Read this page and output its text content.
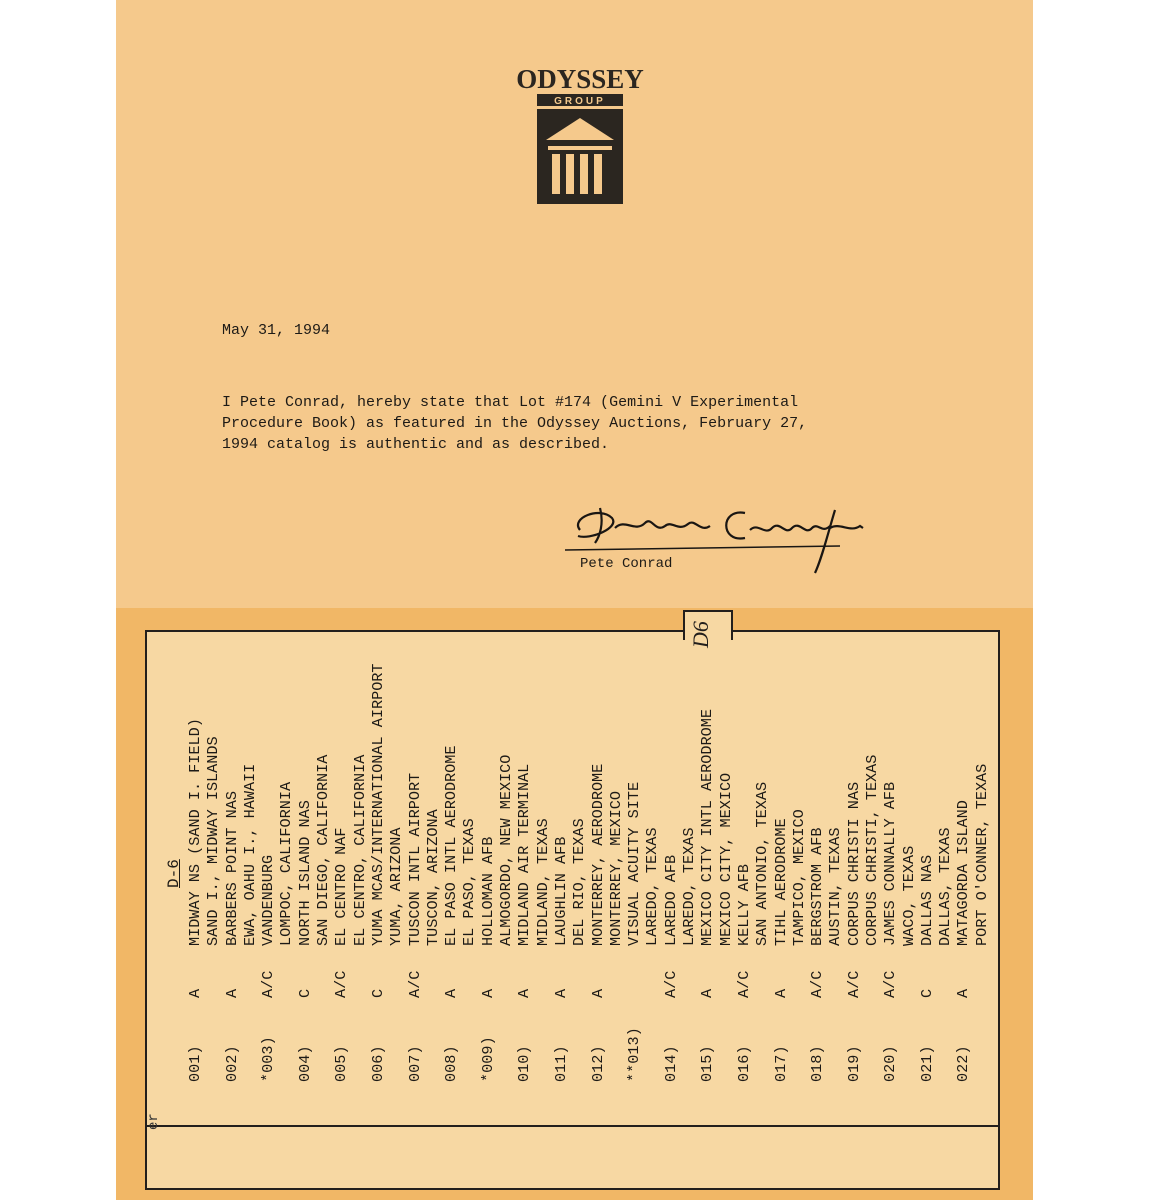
ODYSSEY
GROUP
May 31, 1994
I Pete Conrad, hereby state that Lot #174 (Gemini V Experimental
Procedure Book) as featured in the Odyssey Auctions, February 27,
1994 catalog is authentic and as described.
Pete Conrad
D6
D-6
er
001)
A
MIDWAY NS (SAND I. FIELD) SAND I., MIDWAY ISLANDS
002)
A
BARBERS POINT NAS EWA, OAHU I., HAWAII
*003)
A/C
VANDENBURG LOMPOC, CALIFORNIA
004)
C
NORTH ISLAND NAS SAN DIEGO, CALIFORNIA
005)
A/C
EL CENTRO NAF EL CENTRO, CALIFORNIA
006)
C
YUMA MCAS/INTERNATIONAL AIRPORT YUMA, ARIZONA
007)
A/C
TUSCON INTL AIRPORT TUSCON, ARIZONA
008)
A
EL PASO INTL AERODROME EL PASO, TEXAS
*009)
A
HOLLOMAN AFB ALMOGORDO, NEW MEXICO
010)
A
MIDLAND AIR TERMINAL MIDLAND, TEXAS
011)
A
LAUGHLIN AFB DEL RIO, TEXAS
012)
A
MONTERREY, AERODROME MONTERREY, MEXICO
**013)
VISUAL ACUITY SITE LAREDO, TEXAS
014)
A/C
LAREDO AFB LAREDO, TEXAS
015)
A
MEXICO CITY INTL AERODROME MEXICO CITY, MEXICO
016)
A/C
KELLY AFB SAN ANTONIO, TEXAS
017)
A
TIHL AERODROME TAMPICO, MEXICO
018)
A/C
BERGSTROM AFB AUSTIN, TEXAS
019)
A/C
CORPUS CHRISTI NAS CORPUS CHRISTI, TEXAS
020)
A/C
JAMES CONNALLY AFB WACO, TEXAS
021)
C
DALLAS NAS DALLAS, TEXAS
022)
A
MATAGORDA ISLAND PORT O'CONNER, TEXAS
